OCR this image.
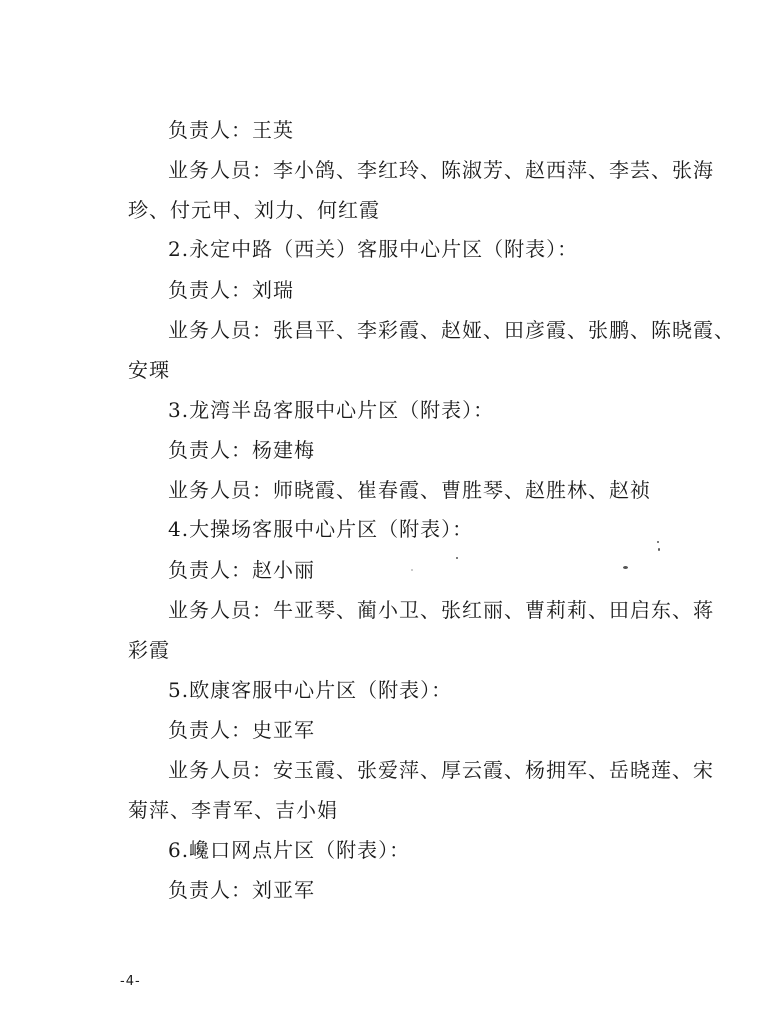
负责人：王英
业务人员：李小鸽、李红玲、陈淑芳、赵西萍、李芸、张海
珍、付元甲、刘力、何红霞
2.永定中路（西关）客服中心片区（附表）：
负责人：刘瑞
业务人员：张昌平、李彩霞、赵娅、田彦霞、张鹏、陈晓霞、
安瑮
3.龙湾半岛客服中心片区（附表）：
负责人：杨建梅
业务人员：师晓霞、崔春霞、曹胜琴、赵胜林、赵祯
4.大操场客服中心片区（附表）：
负责人：赵小丽
业务人员：牛亚琴、蔺小卫、张红丽、曹莉莉、田启东、蒋
彩霞
5.欧康客服中心片区（附表）：
负责人：史亚军
业务人员：安玉霞、张爱萍、厚云霞、杨拥军、岳晓莲、宋
菊萍、李青军、吉小娟
6.巉口网点片区（附表）：
负责人：刘亚军
-4-
